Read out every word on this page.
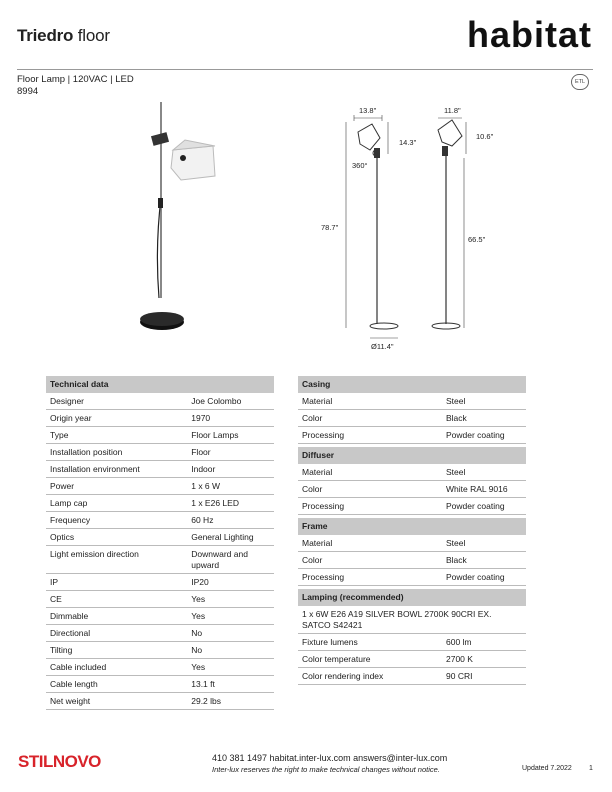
Triedro floor	habitat
Floor Lamp | 120VAC | LED
8994
ETL
13.8"	11.8"
14.3"
10.6"
360°
78.7"
66.5"
Ø11.4"
Technical data	
Designer	Joe Colombo
Origin year	1970
Type	Floor Lamps
Installation position	Floor
Installation environment	Indoor
Power	1 x 6 W
Lamp cap	1 x E26 LED
Frequency	60 Hz
Optics	General Lighting
Light emission direction	Downward and upward
IP	IP20
CE	Yes
Dimmable	Yes
Directional	No
Tilting	No
Cable included	Yes
Cable length	13.1 ft
Net weight	29.2 lbs
Casing	
Material	Steel
Color	Black
Processing	Powder coating

Diffuser	
Material	Steel
Color	White RAL 9016
Processing	Powder coating

Frame	
Material	Steel
Color	Black
Processing	Powder coating

Lamping (recommended)	
1 x 6W E26 A19 SILVER BOWL 2700K 90CRI EX. SATCO S42421	
Fixture lumens	600 lm
Color temperature	2700 K
Color rendering index	90 CRI
STILNOVO	410 381 1497 habitat.inter-lux.com answers@inter-lux.com
Inter-lux reserves the right to make technical changes without notice.	Updated 7.2022 1
